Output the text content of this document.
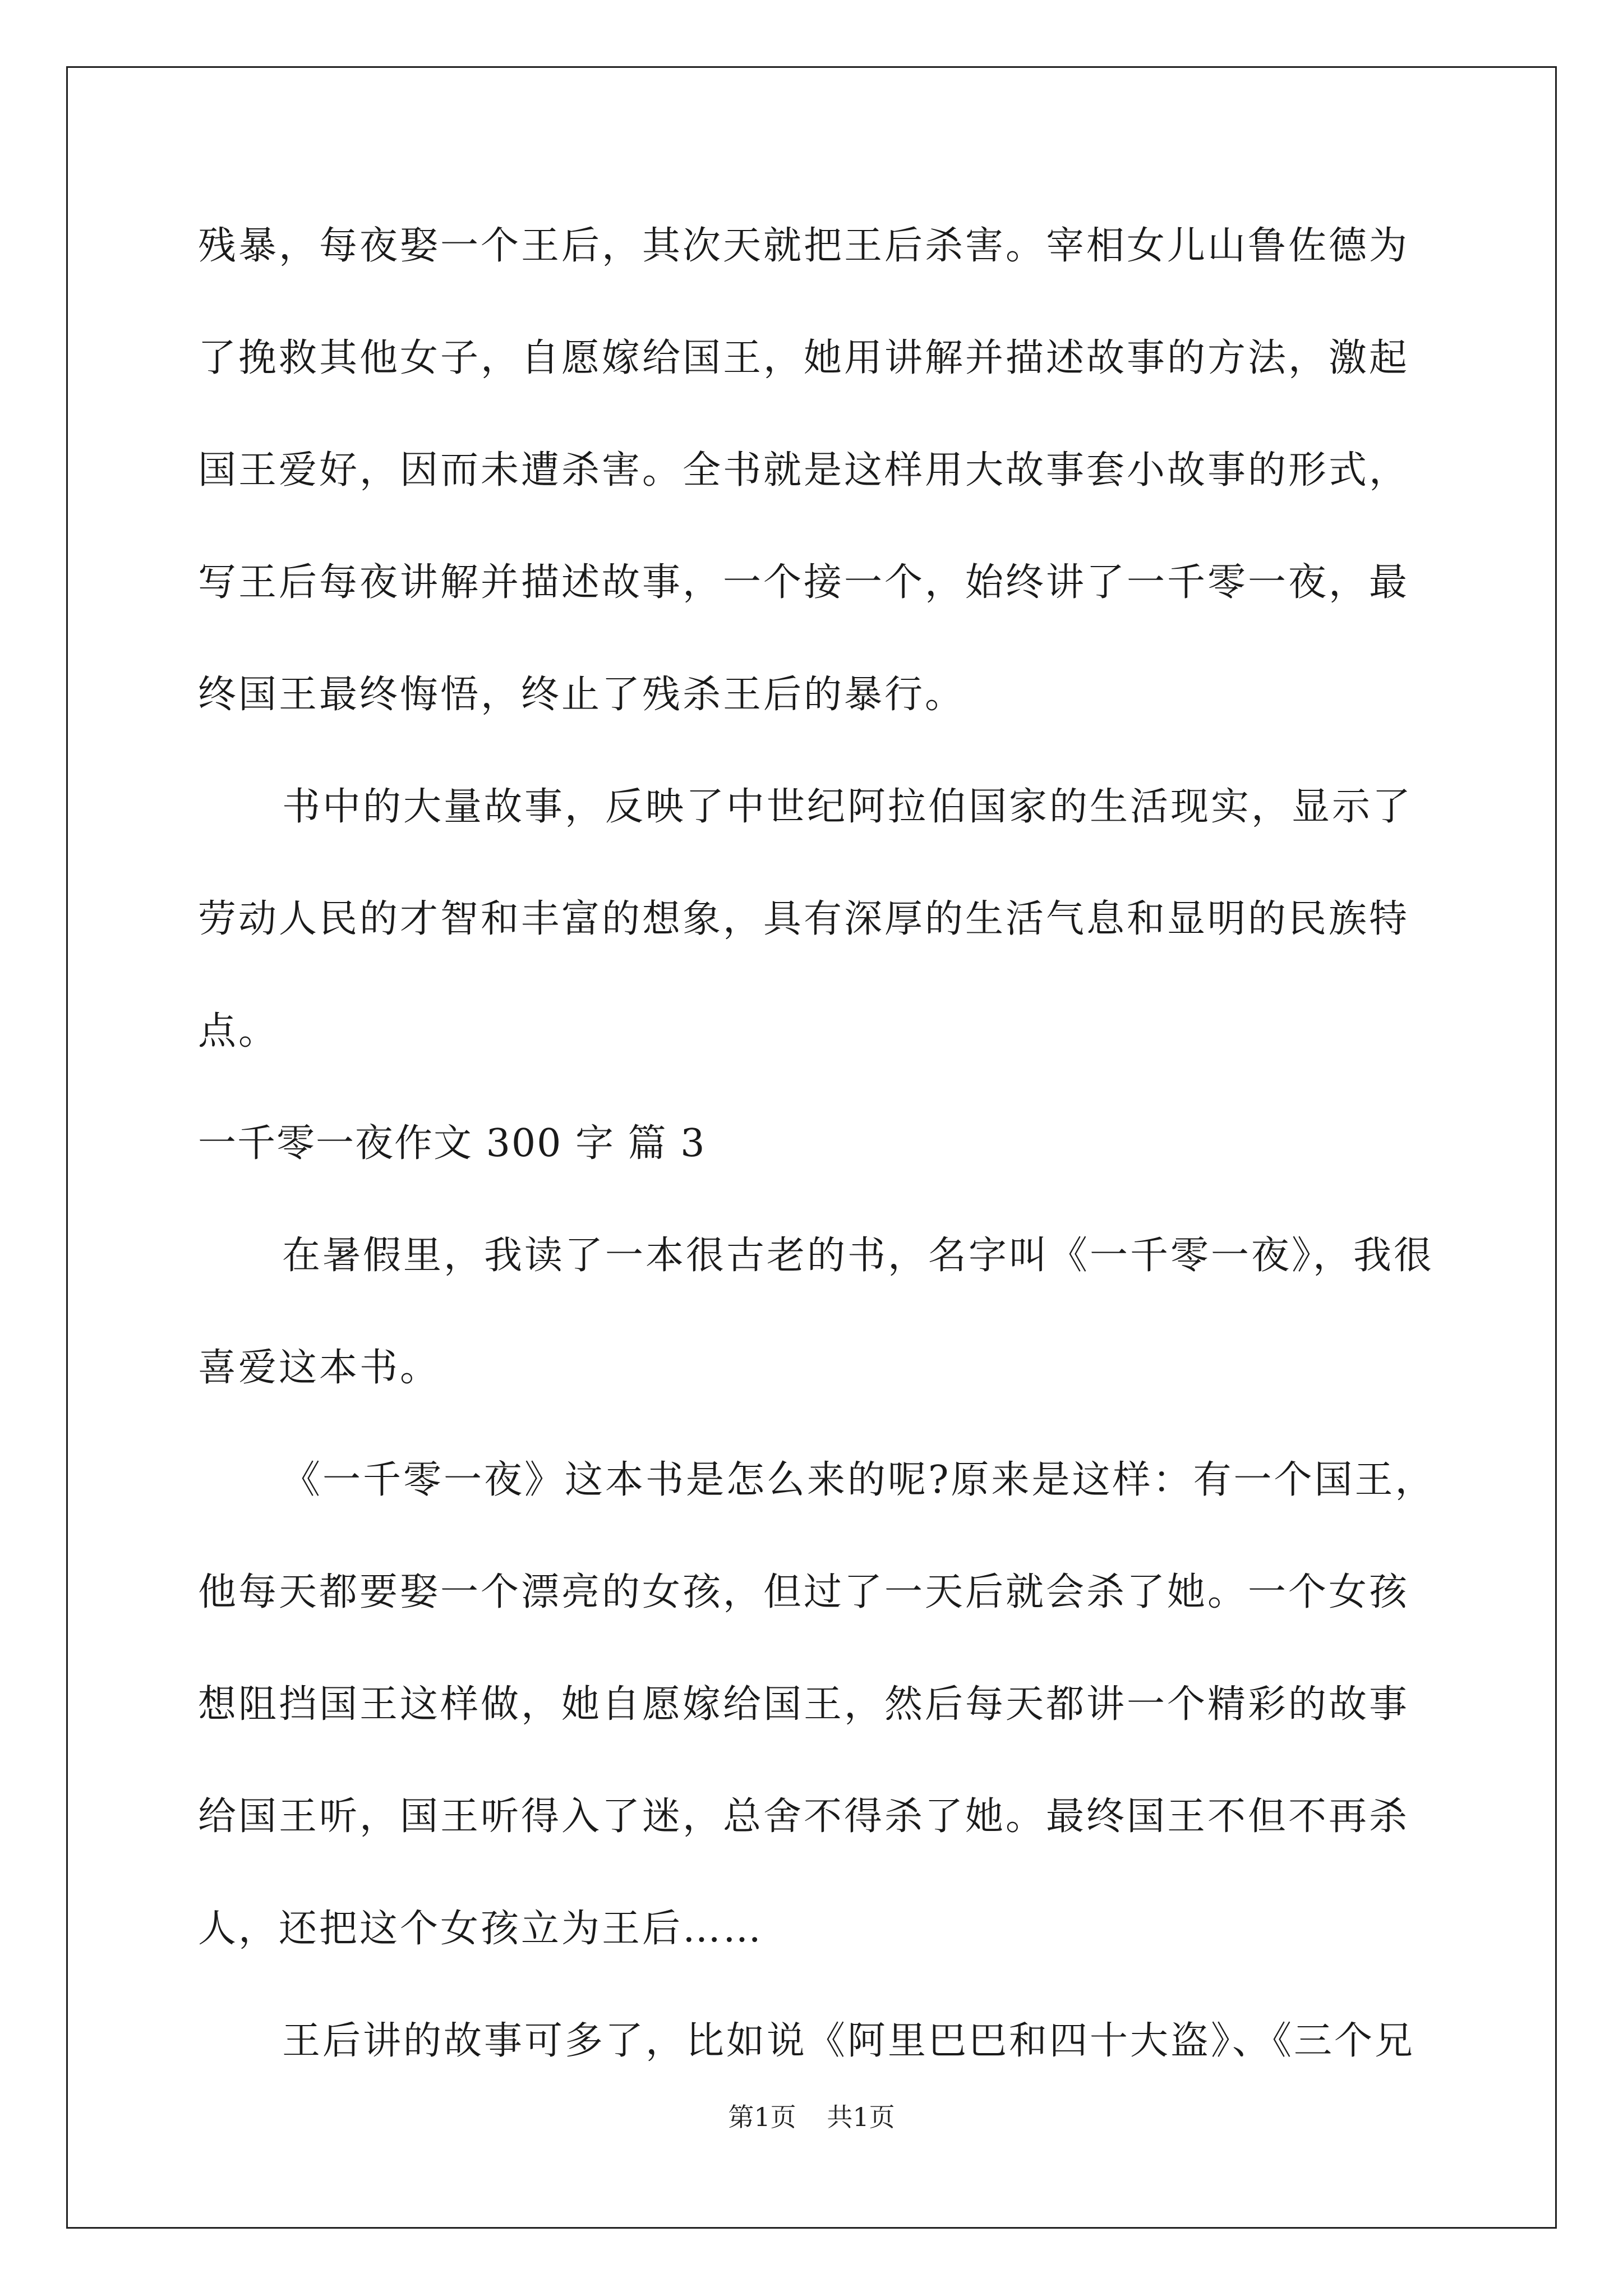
残暴，每夜娶一个王后，其次天就把王后杀害。宰相女儿山鲁佐德为
了挽救其他女子，自愿嫁给国王，她用讲解并描述故事的方法，激起
国王爱好，因而未遭杀害。全书就是这样用大故事套小故事的形式，
写王后每夜讲解并描述故事，一个接一个，始终讲了一千零一夜，最
终国王最终悔悟，终止了残杀王后的暴行。
书中的大量故事，反映了中世纪阿拉伯国家的生活现实，显示了
劳动人民的才智和丰富的想象，具有深厚的生活气息和显明的民族特
点。
一千零一夜作文 300 字 篇 3
在暑假里，我读了一本很古老的书，名字叫《一千零一夜》，我很
喜爱这本书。
《一千零一夜》这本书是怎么来的呢?原来是这样：有一个国王，
他每天都要娶一个漂亮的女孩，但过了一天后就会杀了她。一个女孩
想阻挡国王这样做，她自愿嫁给国王，然后每天都讲一个精彩的故事
给国王听，国王听得入了迷，总舍不得杀了她。最终国王不但不再杀
人，还把这个女孩立为王后……
王后讲的故事可多了，比如说《阿里巴巴和四十大盗》、《三个兄
第1页 共1页
